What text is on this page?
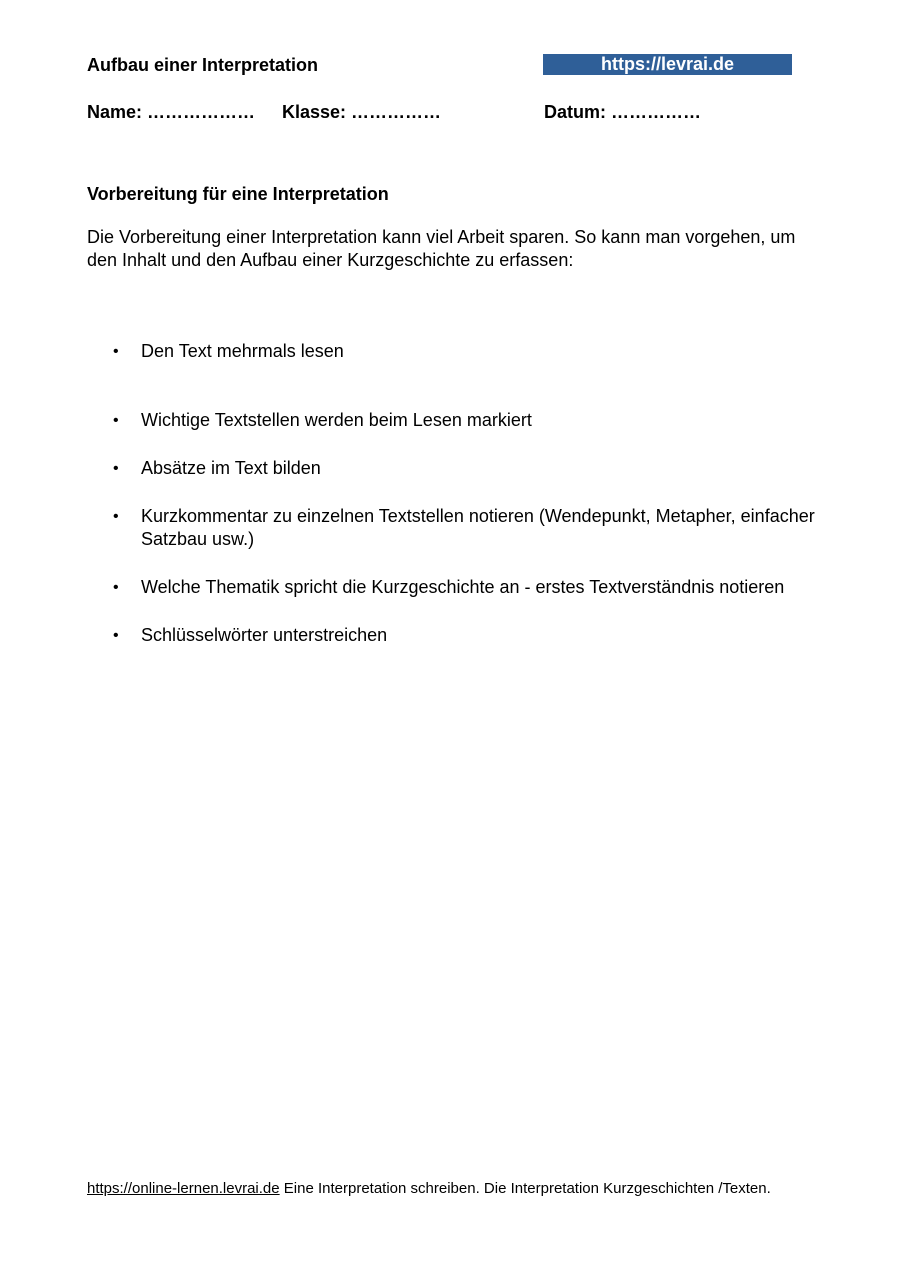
Aufbau einer Interpretation	https://levrai.de
Name: ……………… Klasse: ……………	Datum: ……………
Vorbereitung für eine Interpretation
Die Vorbereitung einer Interpretation kann viel Arbeit sparen. So kann man vorgehen, um den Inhalt und den Aufbau einer Kurzgeschichte zu erfassen:
•	Den Text mehrmals lesen
•	Wichtige Textstellen werden beim Lesen markiert
•	Absätze im Text bilden
•	Kurzkommentar zu einzelnen Textstellen notieren (Wendepunkt, Metapher, einfacher Satzbau usw.)
•	Welche Thematik spricht die Kurzgeschichte an - erstes Textverständnis notieren
•	Schlüsselwörter unterstreichen
https://online-lernen.levrai.de Eine Interpretation schreiben. Die Interpretation Kurzgeschichten /Texten.
